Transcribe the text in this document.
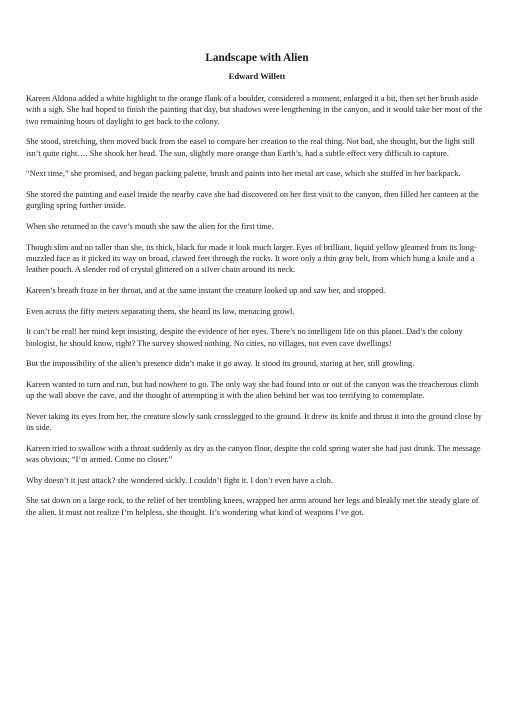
Landscape with Alien
Edward Willett

Kareen Aldona added a white highlight to the orange flank of a boulder, considered a moment, enlarged it a bit, then set her brush aside with a sigh. She had hoped to finish the painting that day, but shadows were lengthening in the canyon, and it would take her most of the two remaining hours of daylight to get back to the colony.

She stood, stretching, then moved back from the easel to compare her creation to the real thing. Not bad, she thought, but the light still isn’t quite right…. She shook her head. The sun, slightly more orange than Earth’s, had a subtle effect very difficult to capture.

“Next time,” she promised, and began packing palette, brush and paints into her metal art case, which she stuffed in her backpack.

She stored the painting and easel inside the nearby cave she had discovered on her first visit to the canyon, then filled her canteen at the gurgling spring further inside.

When she returned to the cave’s mouth she saw the alien for the first time.

Though slim and no taller than she, its thick, black fur made it look much larger. Eyes of brilliant, liquid yellow gleamed from its long-muzzled face as it picked its way on broad, clawed feet through the rocks. It wore only a thin gray belt, from which hung a knife and a leather pouch. A slender rod of crystal glittered on a silver chain around its neck.

Kareen’s breath froze in her throat, and at the same instant the creature looked up and saw her, and stopped.

Even across the fifty meters separating them, she heard its low, menacing growl.

It can’t be real! her mind kept insisting, despite the evidence of her eyes. There’s no intelligent life on this planet. Dad’s the colony biologist, he should know, right? The survey showed nothing. No cities, no villages, not even cave dwellings!

But the impossibility of the alien’s presence didn’t make it go away. It stood its ground, staring at her, still growling.

Kareen wanted to turn and run, but had nowhere to go. The only way she had found into or out of the canyon was the treacherous climb up the wall above the cave, and the thought of attempting it with the alien behind her was too terrifying to contemplate.

Never taking its eyes from her, the creature slowly sank crosslegged to the ground. It drew its knife and thrust it into the ground close by its side.

Kareen tried to swallow with a throat suddenly as dry as the canyon floor, despite the cold spring water she had just drunk. The message was obvious; “I’m armed. Come no closer.”

Why doesn’t it just attack? she wondered sickly. I couldn’t fight it. I don’t even have a club.

She sat down on a large rock, to the relief of her trembling knees, wrapped her arms around her legs and bleakly met the steady glare of the alien. It must not realize I’m helpless, she thought. It’s wondering what kind of weapons I’ve got.
